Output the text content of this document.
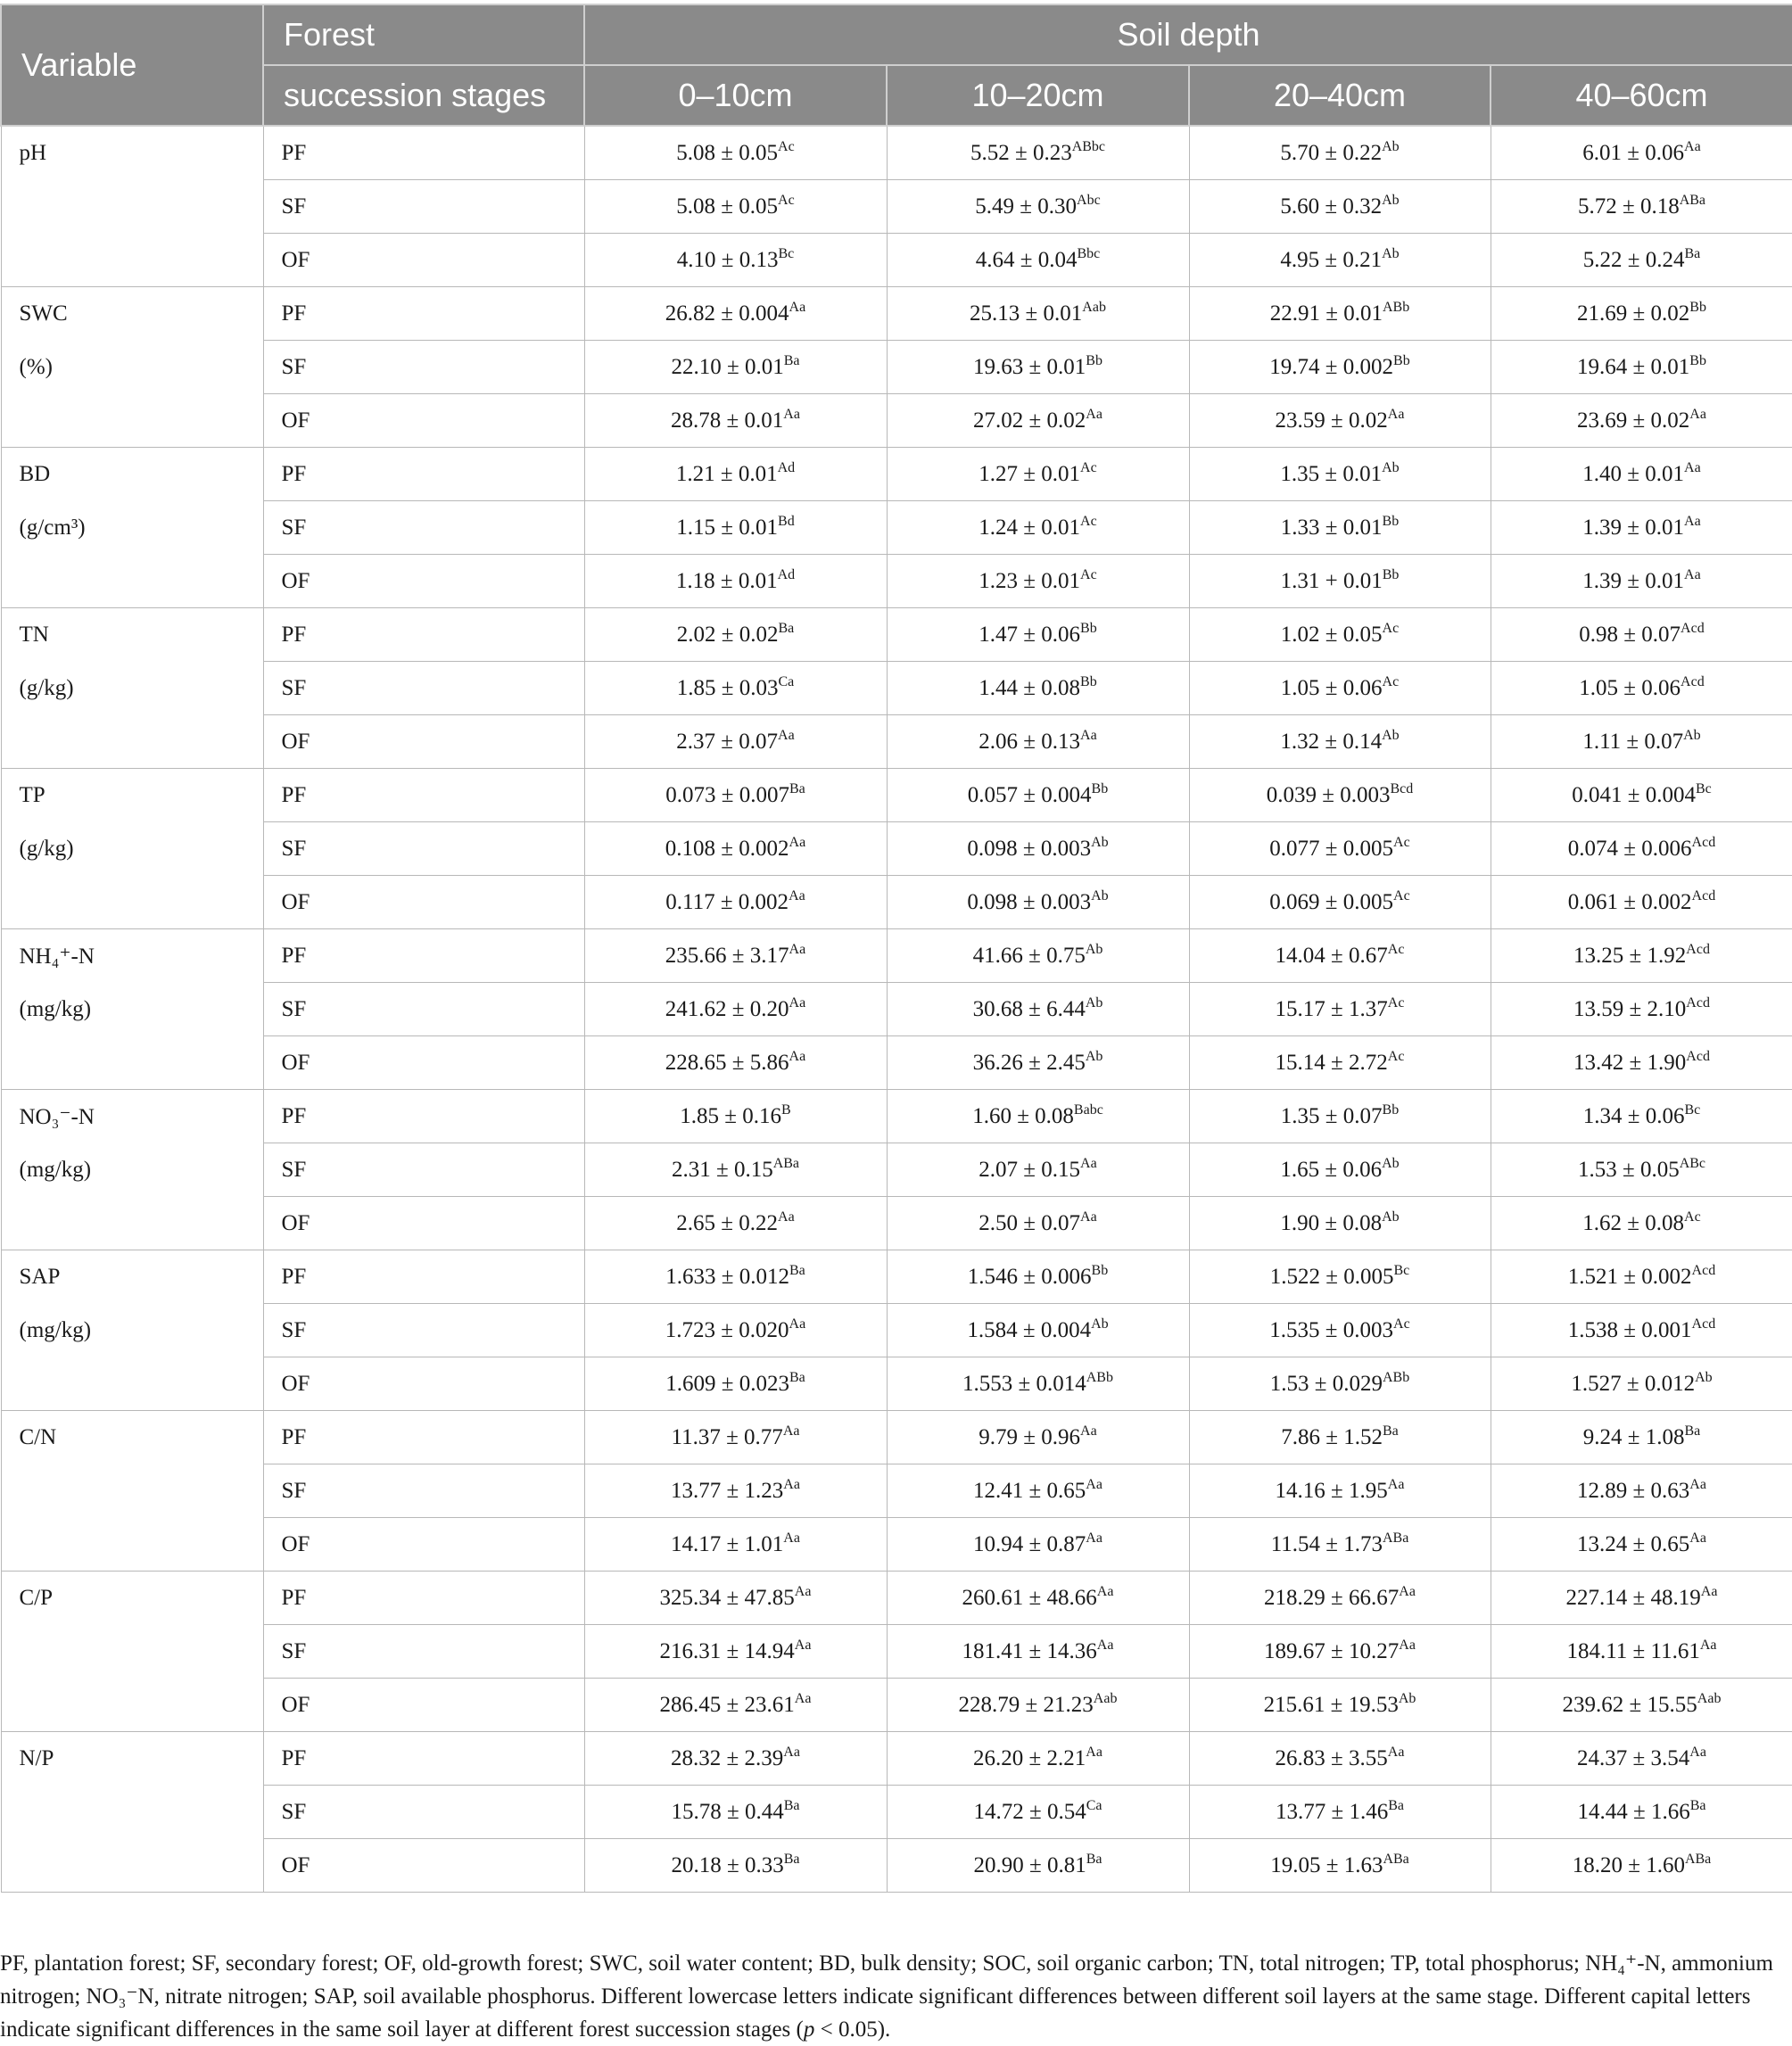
Variable	Forest	Soil depth			
	succession stages	0–10cm	10–20cm	20–40cm	40–60cm
pH	PF	$5.08 \pm 0.05^{Ac}$	$5.52 \pm 0.23^{ABbc}$	$5.70 \pm 0.22^{Ab}$	$6.01 \pm 0.06^{Aa}$
	SF	$5.08 \pm 0.05^{Ac}$	$5.49 \pm 0.30^{Abc}$	$5.60 \pm 0.32^{Ab}$	$5.72 \pm 0.18^{ABa}$
	OF	$4.10 \pm 0.13^{Bc}$	$4.64 \pm 0.04^{Bbc}$	$4.95 \pm 0.21^{Ab}$	$5.22 \pm 0.24^{Ba}$
SWC	PF	$26.82 \pm 0.004^{Aa}$	$25.13 \pm 0.01^{Aab}$	$22.91 \pm 0.01^{ABb}$	$21.69 \pm 0.02^{Bb}$
(%)	SF	$22.10 \pm 0.01^{Ba}$	$19.63 \pm 0.01^{Bb}$	$19.74 \pm 0.002^{Bb}$	$19.64 \pm 0.01^{Bb}$
	OF	$28.78 \pm 0.01^{Aa}$	$27.02 \pm 0.02^{Aa}$	$23.59 \pm 0.02^{Aa}$	$23.69 \pm 0.02^{Aa}$
BD	PF	$1.21 \pm 0.01^{Ad}$	$1.27 \pm 0.01^{Ac}$	$1.35 \pm 0.01^{Ab}$	$1.40 \pm 0.01^{Aa}$
(g/cm³)	SF	$1.15 \pm 0.01^{Bd}$	$1.24 \pm 0.01^{Ac}$	$1.33 \pm 0.01^{Bb}$	$1.39 \pm 0.01^{Aa}$
	OF	$1.18 \pm 0.01^{Ad}$	$1.23 \pm 0.01^{Ac}$	$1.31 + 0.01^{Bb}$	$1.39 \pm 0.01^{Aa}$
TN	PF	$2.02 \pm 0.02^{Ba}$	$1.47 \pm 0.06^{Bb}$	$1.02 \pm 0.05^{Ac}$	$0.98 \pm 0.07^{Acd}$
(g/kg)	SF	$1.85 \pm 0.03^{Ca}$	$1.44 \pm 0.08^{Bb}$	$1.05 \pm 0.06^{Ac}$	$1.05 \pm 0.06^{Acd}$
	OF	$2.37 \pm 0.07^{Aa}$	$2.06 \pm 0.13^{Aa}$	$1.32 \pm 0.14^{Ab}$	$1.11 \pm 0.07^{Ab}$
TP	PF	$0.073 \pm 0.007^{Ba}$	$0.057 \pm 0.004^{Bb}$	$0.039 \pm 0.003^{Bcd}$	$0.041 \pm 0.004^{Bc}$
(g/kg)	SF	$0.108 \pm 0.002^{Aa}$	$0.098 \pm 0.003^{Ab}$	$0.077 \pm 0.005^{Ac}$	$0.074 \pm 0.006^{Acd}$
	OF	$0.117 \pm 0.002^{Aa}$	$0.098 \pm 0.003^{Ab}$	$0.069 \pm 0.005^{Ac}$	$0.061 \pm 0.002^{Acd}$
NH₄⁺-N	PF	$235.66 \pm 3.17^{Aa}$	$41.66 \pm 0.75^{Ab}$	$14.04 \pm 0.67^{Ac}$	$13.25 \pm 1.92^{Acd}$
(mg/kg)	SF	$241.62 \pm 0.20^{Aa}$	$30.68 \pm 6.44^{Ab}$	$15.17 \pm 1.37^{Ac}$	$13.59 \pm 2.10^{Acd}$
	OF	$228.65 \pm 5.86^{Aa}$	$36.26 \pm 2.45^{Ab}$	$15.14 \pm 2.72^{Ac}$	$13.42 \pm 1.90^{Acd}$
NO₃⁻-N	PF	$1.85 \pm 0.16^B$	$1.60 \pm 0.08^{Babc}$	$1.35 \pm 0.07^{Bb}$	$1.34 \pm 0.06^{Bc}$
(mg/kg)	SF	$2.31 \pm 0.15^{ABa}$	$2.07 \pm 0.15^{Aa}$	$1.65 \pm 0.06^{Ab}$	$1.53 \pm 0.05^{ABc}$
	OF	$2.65 \pm 0.22^{Aa}$	$2.50 \pm 0.07^{Aa}$	$1.90 \pm 0.08^{Ab}$	$1.62 \pm 0.08^{Ac}$
SAP	PF	$1.633 \pm 0.012^{Ba}$	$1.546 \pm 0.006^{Bb}$	$1.522 \pm 0.005^{Bc}$	$1.521 \pm 0.002^{Acd}$
(mg/kg)	SF	$1.723 \pm 0.020^{Aa}$	$1.584 \pm 0.004^{Ab}$	$1.535 \pm 0.003^{Ac}$	$1.538 \pm 0.001^{Acd}$
	OF	$1.609 \pm 0.023^{Ba}$	$1.553 \pm 0.014^{ABb}$	$1.53 \pm 0.029^{ABb}$	$1.527 \pm 0.012^{Ab}$
C/N	PF	$11.37 \pm 0.77^{Aa}$	$9.79 \pm 0.96^{Aa}$	$7.86 \pm 1.52^{Ba}$	$9.24 \pm 1.08^{Ba}$
	SF	$13.77 \pm 1.23^{Aa}$	$12.41 \pm 0.65^{Aa}$	$14.16 \pm 1.95^{Aa}$	$12.89 \pm 0.63^{Aa}$
	OF	$14.17 \pm 1.01^{Aa}$	$10.94 \pm 0.87^{Aa}$	$11.54 \pm 1.73^{ABa}$	$13.24 \pm 0.65^{Aa}$
C/P	PF	$325.34 \pm 47.85^{Aa}$	$260.61 \pm 48.66^{Aa}$	$218.29 \pm 66.67^{Aa}$	$227.14 \pm 48.19^{Aa}$
	SF	$216.31 \pm 14.94^{Aa}$	$181.41 \pm 14.36^{Aa}$	$189.67 \pm 10.27^{Aa}$	$184.11 \pm 11.61^{Aa}$
	OF	$286.45 \pm 23.61^{Aa}$	$228.79 \pm 21.23^{Aab}$	$215.61 \pm 19.53^{Ab}$	$239.62 \pm 15.55^{Aab}$
N/P	PF	$28.32 \pm 2.39^{Aa}$	$26.20 \pm 2.21^{Aa}$	$26.83 \pm 3.55^{Aa}$	$24.37 \pm 3.54^{Aa}$
	SF	$15.78 \pm 0.44^{Ba}$	$14.72 \pm 0.54^{Ca}$	$13.77 \pm 1.46^{Ba}$	$14.44 \pm 1.66^{Ba}$
	OF	$20.18 \pm 0.33^{Ba}$	$20.90 \pm 0.81^{Ba}$	$19.05 \pm 1.63^{ABa}$	$18.20 \pm 1.60^{ABa}$
PF, plantation forest; SF, secondary forest; OF, old-growth forest; SWC, soil water content; BD, bulk density; SOC, soil organic carbon; TN, total nitrogen; TP, total phosphorus; NH₄⁺-N, ammonium nitrogen; NO₃⁻N, nitrate nitrogen; SAP, soil available phosphorus. Different lowercase letters indicate significant differences between different soil layers at the same stage. Different capital letters indicate significant differences in the same soil layer at different forest succession stages (p < 0.05).
